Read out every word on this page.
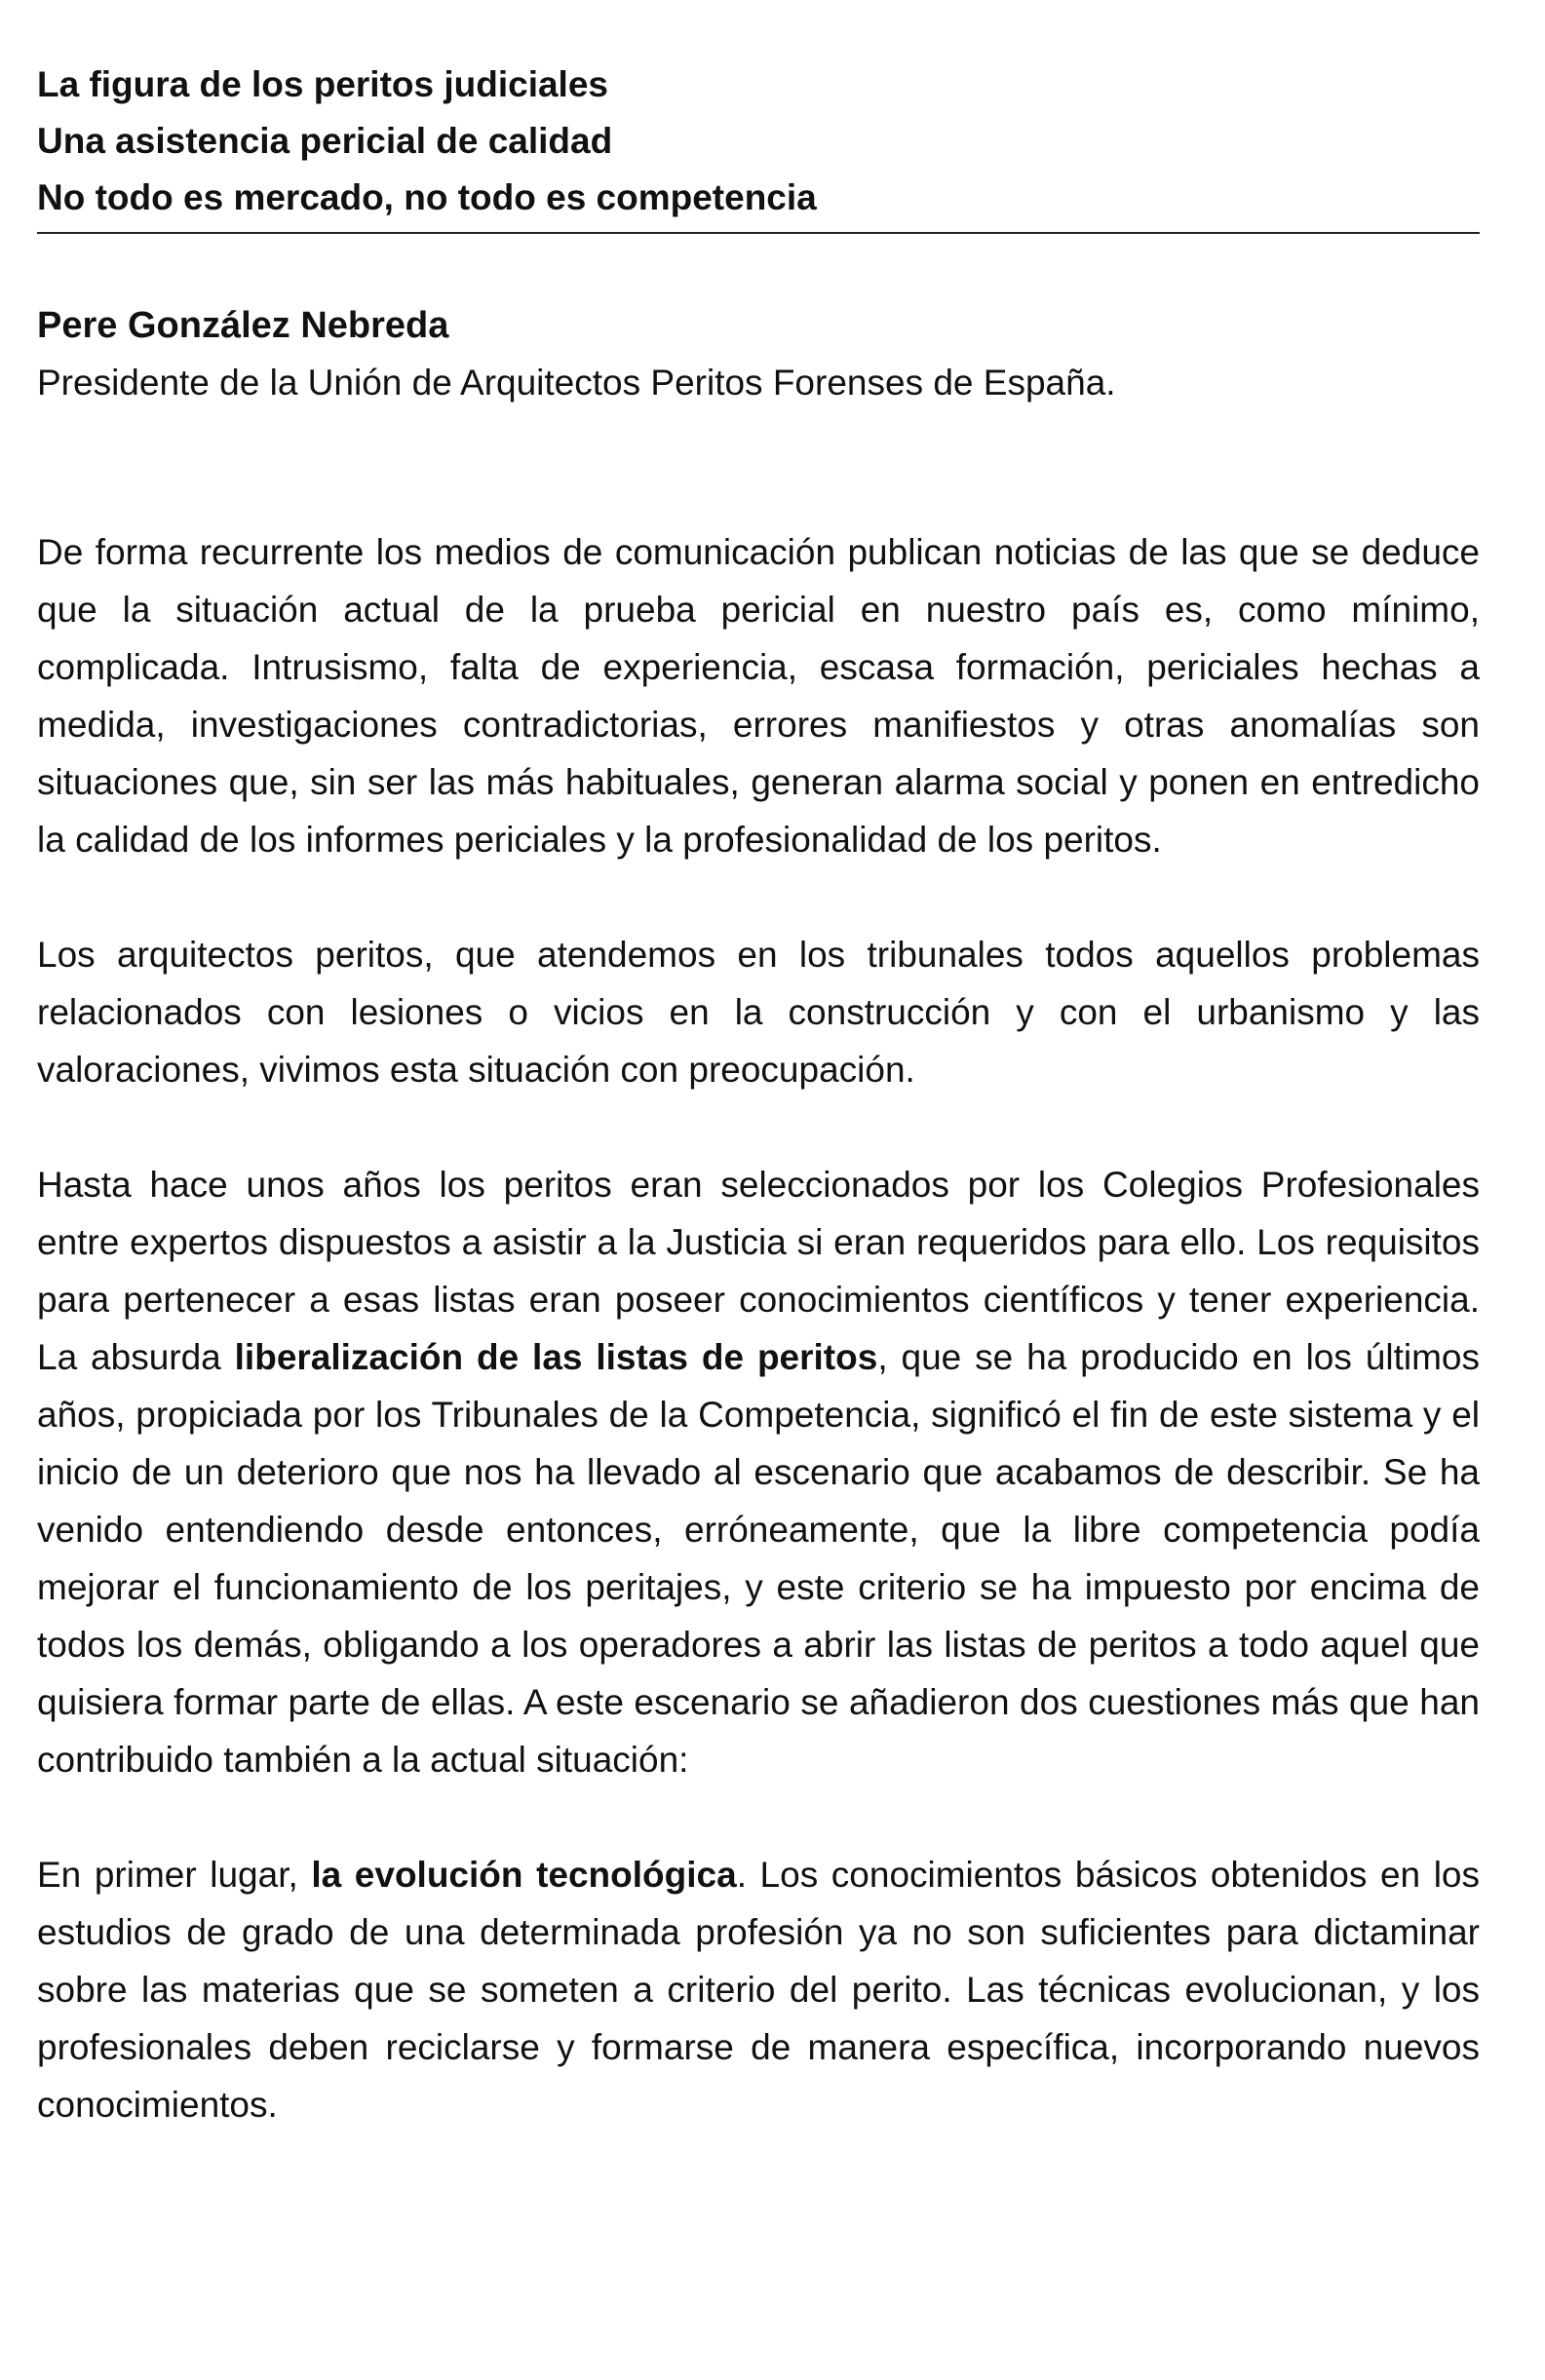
La figura de los peritos judiciales

Una asistencia pericial de calidad

No todo es mercado, no todo es competencia

Pere González Nebreda

Presidente de la Unión de Arquitectos Peritos Forenses de España.

De forma recurrente los medios de comunicación publican noticias de las que se deduce que la situación actual de la prueba pericial en nuestro país es, como mínimo, complicada. Intrusismo, falta de experiencia, escasa formación, periciales hechas a medida, investigaciones contradictorias, errores manifiestos y otras anomalías son situaciones que, sin ser las más habituales, generan alarma social y ponen en entredicho la calidad de los informes periciales y la profesionalidad de los peritos.

Los arquitectos peritos, que atendemos en los tribunales todos aquellos problemas relacionados con lesiones o vicios en la construcción y con el urbanismo y las valoraciones, vivimos esta situación con preocupación.

Hasta hace unos años los peritos eran seleccionados por los Colegios Profesionales entre expertos dispuestos a asistir a la Justicia si eran requeridos para ello. Los requisitos para pertenecer a esas listas eran poseer conocimientos científicos y tener experiencia. La absurda liberalización de las listas de peritos, que se ha producido en los últimos años, propiciada por los Tribunales de la Competencia, significó el fin de este sistema y el inicio de un deterioro que nos ha llevado al escenario que acabamos de describir. Se ha venido entendiendo desde entonces, erróneamente, que la libre competencia podía mejorar el funcionamiento de los peritajes, y este criterio se ha impuesto por encima de todos los demás, obligando a los operadores a abrir las listas de peritos a todo aquel que quisiera formar parte de ellas. A este escenario se añadieron dos cuestiones más que han contribuido también a la actual situación:

En primer lugar, la evolución tecnológica. Los conocimientos básicos obtenidos en los estudios de grado de una determinada profesión ya no son suficientes para dictaminar sobre las materias que se someten a criterio del perito. Las técnicas evolucionan, y los profesionales deben reciclarse y formarse de manera específica, incorporando nuevos conocimientos.
